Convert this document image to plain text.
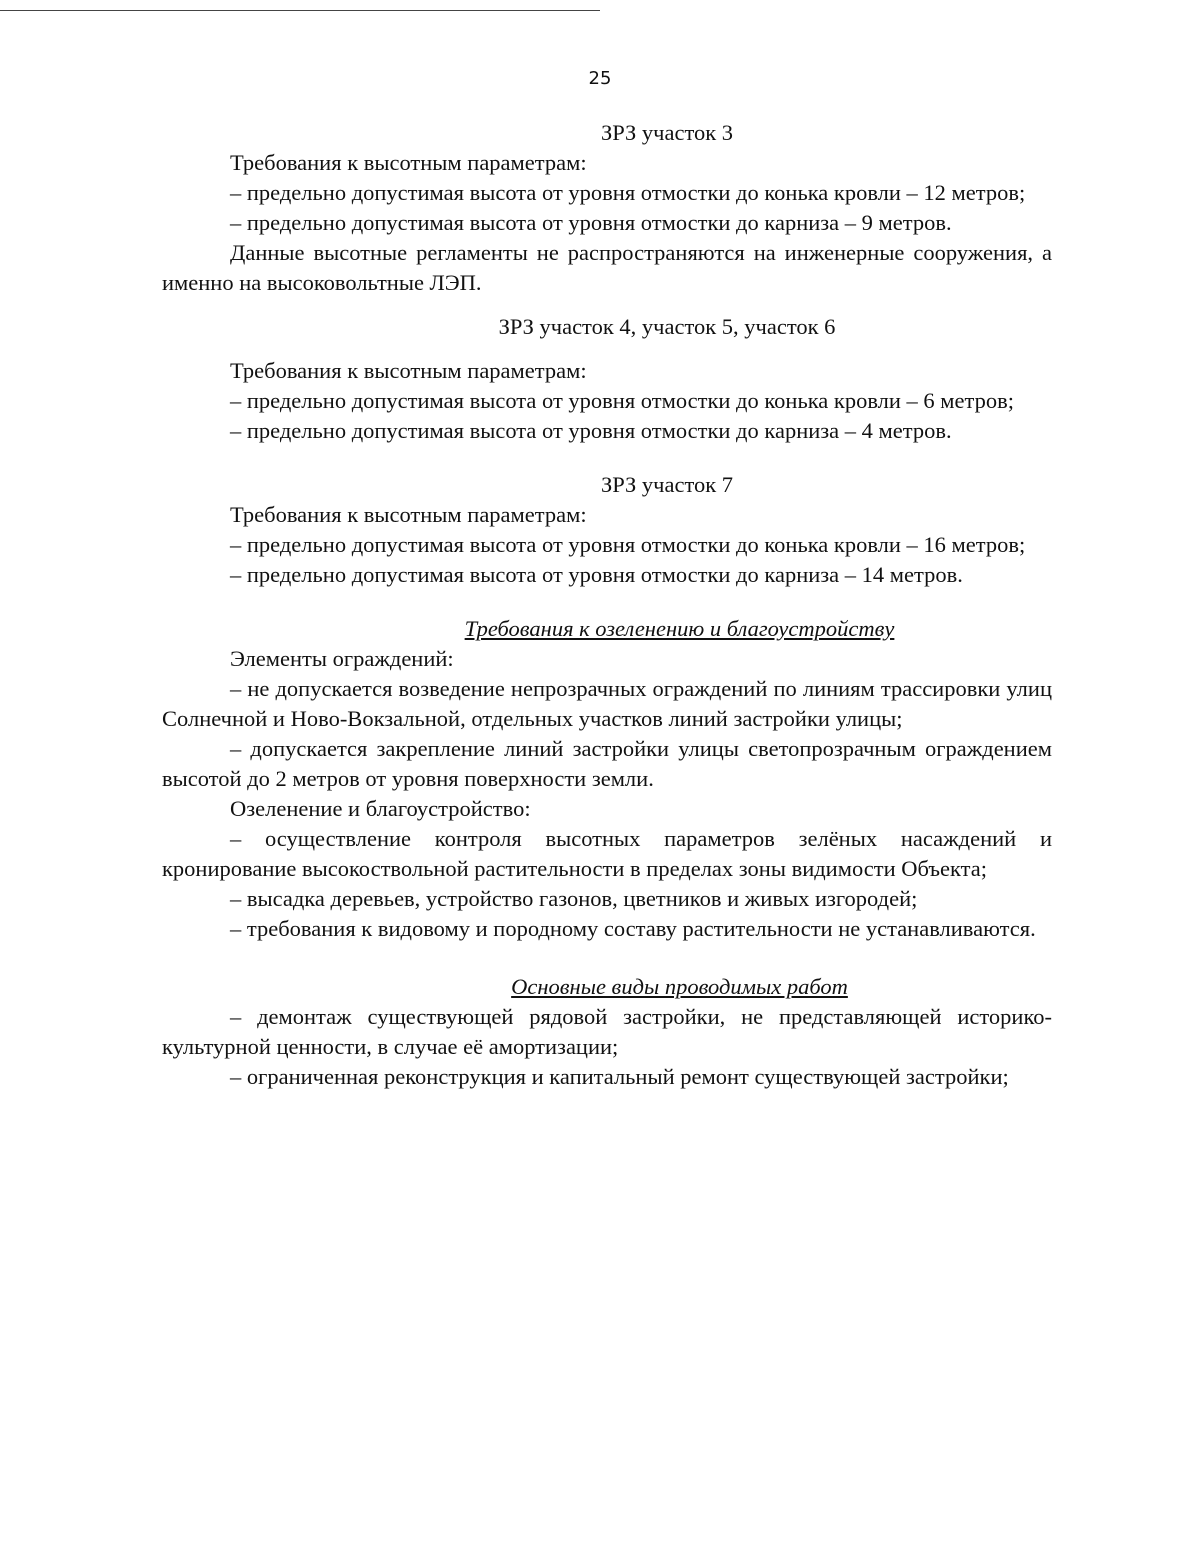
25
ЗРЗ участок 3

Требования к высотным параметрам:

– предельно допустимая высота от уровня отмостки до конька кровли – 12 метров;

– предельно допустимая высота от уровня отмостки до карниза – 9 метров.

Данные высотные регламенты не распространяются на инженерные сооружения, а именно на высоковольтные ЛЭП.

ЗРЗ участок 4, участок 5, участок 6

Требования к высотным параметрам:

– предельно допустимая высота от уровня отмостки до конька кровли – 6 метров;

– предельно допустимая высота от уровня отмостки до карниза – 4 метров.

ЗРЗ участок 7

Требования к высотным параметрам:

– предельно допустимая высота от уровня отмостки до конька кровли – 16 метров;

– предельно допустимая высота от уровня отмостки до карниза – 14 метров.

Требования к озеленению и благоустройству

Элементы ограждений:

– не допускается возведение непрозрачных ограждений по линиям трассировки улиц Солнечной и Ново-Вокзальной, отдельных участков линий застройки улицы;

– допускается закрепление линий застройки улицы светопрозрачным ограждением высотой до 2 метров от уровня поверхности земли.

Озеленение и благоустройство:

– осуществление контроля высотных параметров зелёных насаждений и кронирование высокоствольной растительности в пределах зоны видимости Объекта;

– высадка деревьев, устройство газонов, цветников и живых изгородей;

– требования к видовому и породному составу растительности не устанавливаются.

Основные виды проводимых работ

– демонтаж существующей рядовой застройки, не представляющей историко-культурной ценности, в случае её амортизации;

– ограниченная реконструкция и капитальный ремонт существующей застройки;
